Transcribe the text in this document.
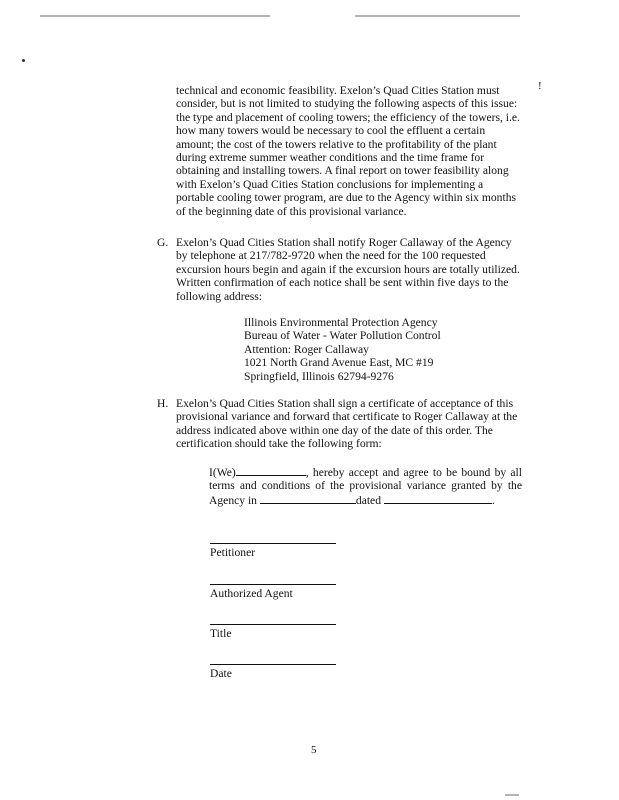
!
technical and economic feasibility. Exelon’s Quad Cities Station must
consider, but is not limited to studying the following aspects of this issue:
the type and placement of cooling towers; the efficiency of the towers, i.e.
how many towers would be necessary to cool the effluent a certain
amount; the cost of the towers relative to the profitability of the plant
during extreme summer weather conditions and the time frame for
obtaining and installing towers. A final report on tower feasibility along
with Exelon’s Quad Cities Station conclusions for implementing a
portable cooling tower program, are due to the Agency within six months
of the beginning date of this provisional variance.
G. Exelon’s Quad Cities Station shall notify Roger Callaway of the Agency
by telephone at 217/782-9720 when the need for the 100 requested
excursion hours begin and again if the excursion hours are totally utilized.
Written confirmation of each notice shall be sent within five days to the
following address:
Illinois Environmental Protection Agency
Bureau of Water - Water Pollution Control
Attention: Roger Callaway
1021 North Grand Avenue East, MC #19
Springfield, Illinois 62794-9276
H. Exelon’s Quad Cities Station shall sign a certificate of acceptance of this
provisional variance and forward that certificate to Roger Callaway at the
address indicated above within one day of the date of this order. The
certification should take the following form:
I(We)	, hereby accept and agree to be bound by all
terms and conditions of the provisional variance granted by the
Agency in	dated	.
Petitioner
Authorized Agent
Title
Date
5
